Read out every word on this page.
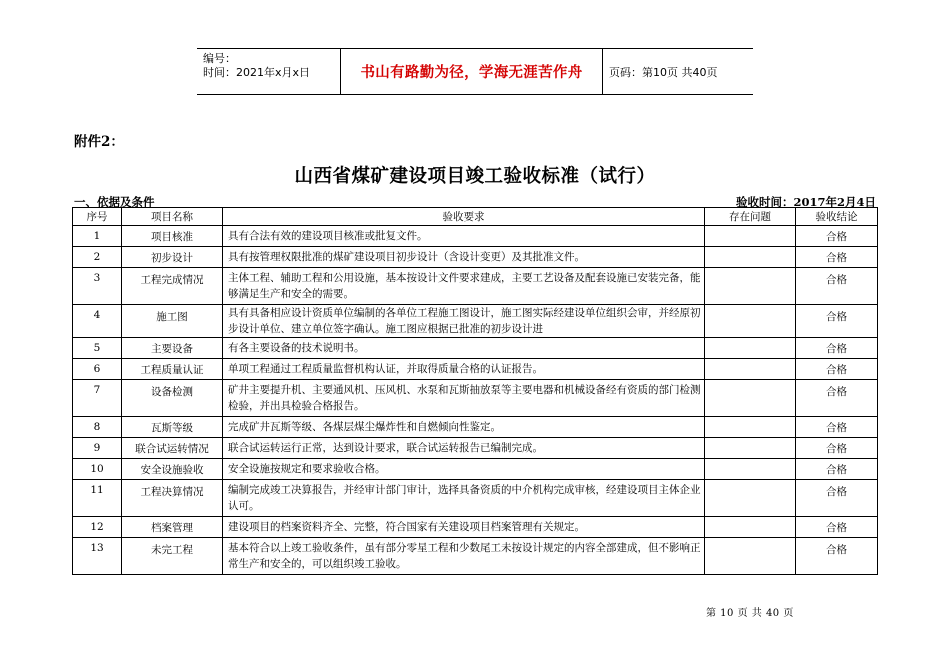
编号：
时间：2021年x月x日	书山有路勤为径，学海无涯苦作舟	页码：第10页 共40页
附件2：
山西省煤矿建设项目竣工验收标准（试行）
一、依据及条件	验收时间：2017年2月4日
序号	项目名称	验收要求	存在问题	验收结论
1	项目核准	具有合法有效的建设项目核准或批复文件。		合格
2	初步设计	具有按管理权限批准的煤矿建设项目初步设计（含设计变更）及其批准文件。		合格
3	工程完成情况	主体工程、辅助工程和公用设施，基本按设计文件要求建成，主要工艺设备及配套设施已安装完备，能够满足生产和安全的需要。		合格
4	施工图	具有具备相应设计资质单位编制的各单位工程施工图设计，施工图实际经建设单位组织会审，并经原初步设计单位、建立单位签字确认。施工图应根据已批准的初步设计进		合格
5	主要设备	有各主要设备的技术说明书。		合格
6	工程质量认证	单项工程通过工程质量监督机构认证，并取得质量合格的认证报告。		合格
7	设备检测	矿井主要提升机、主要通风机、压风机、水泵和瓦斯抽放泵等主要电器和机械设备经有资质的部门检测检验，并出具检验合格报告。		合格
8	瓦斯等级	完成矿井瓦斯等级、各煤层煤尘爆炸性和自燃倾向性鉴定。		合格
9	联合试运转情况	联合试运转运行正常，达到设计要求，联合试运转报告已编制完成。		合格
10	安全设施验收	安全设施按规定和要求验收合格。		合格
11	工程决算情况	编制完成竣工决算报告，并经审计部门审计，选择具备资质的中介机构完成审核，经建设项目主体企业认可。		合格
12	档案管理	建设项目的档案资料齐全、完整，符合国家有关建设项目档案管理有关规定。		合格
13	未完工程	基本符合以上竣工验收条件，虽有部分零星工程和少数尾工未按设计规定的内容全部建成，但不影响正常生产和安全的，可以组织竣工验收。		合格
第 10 页 共 40 页
